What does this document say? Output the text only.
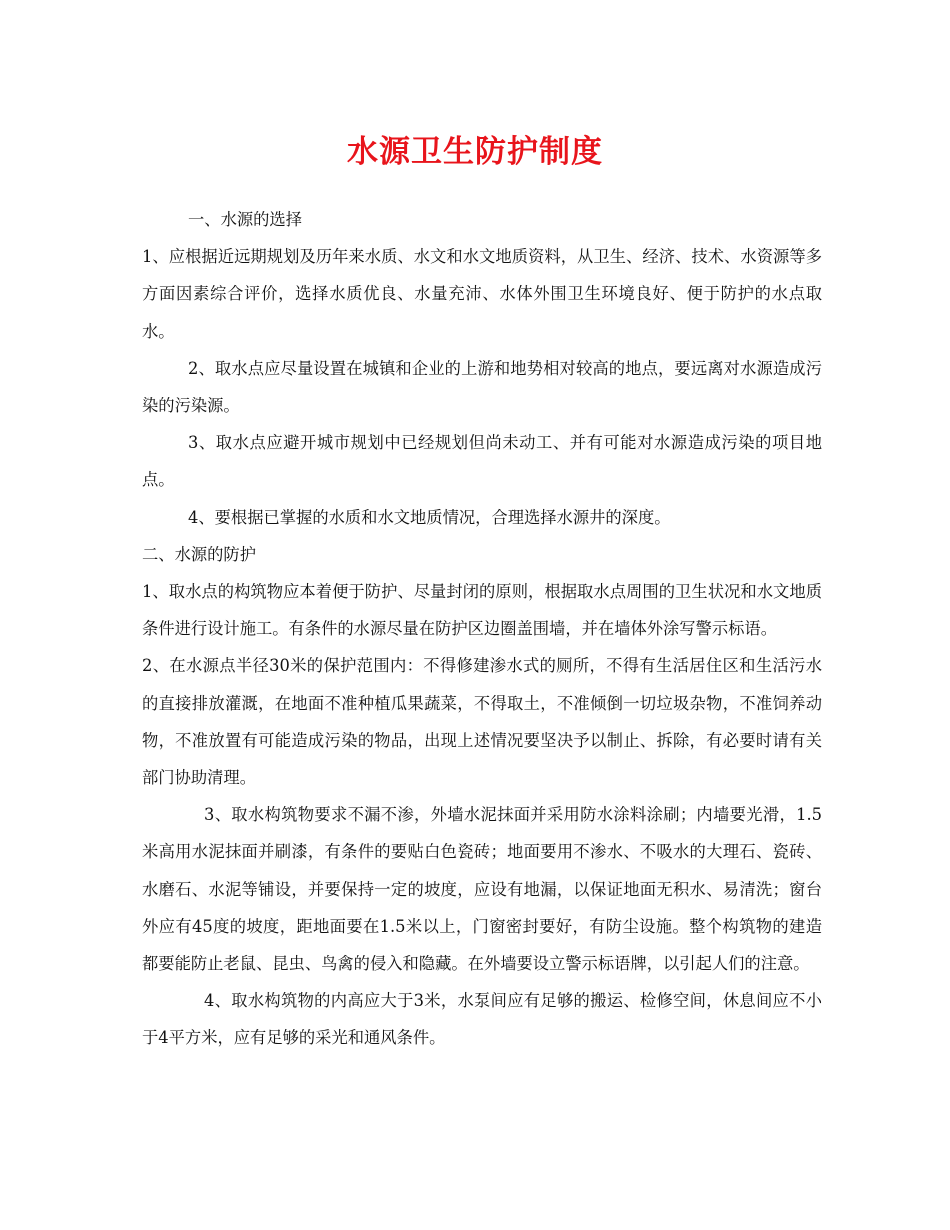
水源卫生防护制度

一、水源的选择

1、应根据近远期规划及历年来水质、水文和水文地质资料，从卫生、经济、技术、水资源等多方面因素综合评价，选择水质优良、水量充沛、水体外围卫生环境良好、便于防护的水点取水。

2、取水点应尽量设置在城镇和企业的上游和地势相对较高的地点，要远离对水源造成污染的污染源。

3、取水点应避开城市规划中已经规划但尚未动工、并有可能对水源造成污染的项目地点。

4、要根据已掌握的水质和水文地质情况，合理选择水源井的深度。

二、水源的防护

1、取水点的构筑物应本着便于防护、尽量封闭的原则，根据取水点周围的卫生状况和水文地质条件进行设计施工。有条件的水源尽量在防护区边圈盖围墙，并在墙体外涂写警示标语。

2、在水源点半径30米的保护范围内：不得修建渗水式的厕所，不得有生活居住区和生活污水的直接排放灌溉，在地面不准种植瓜果蔬菜，不得取土，不准倾倒一切垃圾杂物，不准饲养动物，不准放置有可能造成污染的物品，出现上述情况要坚决予以制止、拆除，有必要时请有关部门协助清理。

3、取水构筑物要求不漏不渗，外墙水泥抹面并采用防水涂料涂刷；内墙要光滑，1.5米高用水泥抹面并刷漆，有条件的要贴白色瓷砖；地面要用不渗水、不吸水的大理石、瓷砖、水磨石、水泥等铺设，并要保持一定的坡度，应设有地漏，以保证地面无积水、易清洗；窗台外应有45度的坡度，距地面要在1.5米以上，门窗密封要好，有防尘设施。整个构筑物的建造都要能防止老鼠、昆虫、鸟禽的侵入和隐藏。在外墙要设立警示标语牌，以引起人们的注意。

4、取水构筑物的内高应大于3米，水泵间应有足够的搬运、检修空间，休息间应不小于4平方米，应有足够的采光和通风条件。
